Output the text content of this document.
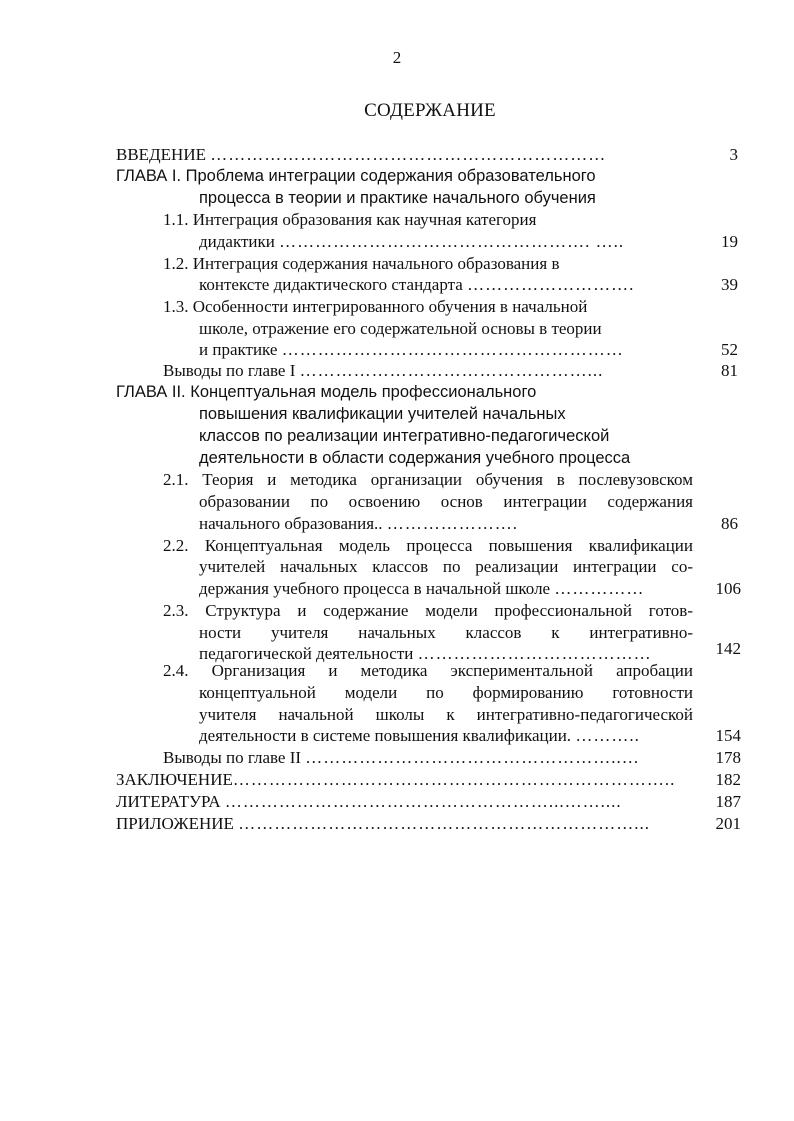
2
СОДЕРЖАНИЕ
ВВЕДЕНИЕ …………………………………………………………	3
ГЛАВА I. Проблема интеграции содержания образовательного
процесса в теории и практике начального обучения
1.1. Интеграция образования как научная категория
дидактики ……………………………………………. …..	19
1.2. Интеграция содержания начального образования в
контексте дидактического стандарта ……………………….	39
1.3. Особенности интегрированного обучения в начальной
школе, отражение его содержательной основы в теории
и практике …………………………………………………	52
Выводы по главе I …………………………………………...	81
ГЛАВА II. Концептуальная модель профессионального
повышения квалификации учителей начальных
классов по реализации интегративно-педагогической
деятельности в области содержания учебного процесса
2.1. Теория и методика организации обучения в послевузовском
образовании по освоению основ интеграции содержания
начального образования.. ………………….	86
2.2. Концептуальная модель процесса повышения квалификации
учителей начальных классов по реализации интеграции со-
держания учебного процесса в начальной школе ……………	106
2.3. Структура и содержание модели профессиональной готов-
ности учителя начальных классов к интегративно-
педагогической деятельности …………………………………	142
2.4. Организация и методика экспериментальной апробации
концептуальной модели по формированию готовности
учителя начальной школы к интегративно-педагогической
деятельности в системе повышения квалификации. ………..	154
Выводы по главе II ……………………………………………..…	178
ЗАКЛЮЧЕНИЕ………………………………………………………………..	182
ЛИТЕРАТУРА ………………………………………………...……....	187
ПРИЛОЖЕНИЕ …………………………………………………………...	201
